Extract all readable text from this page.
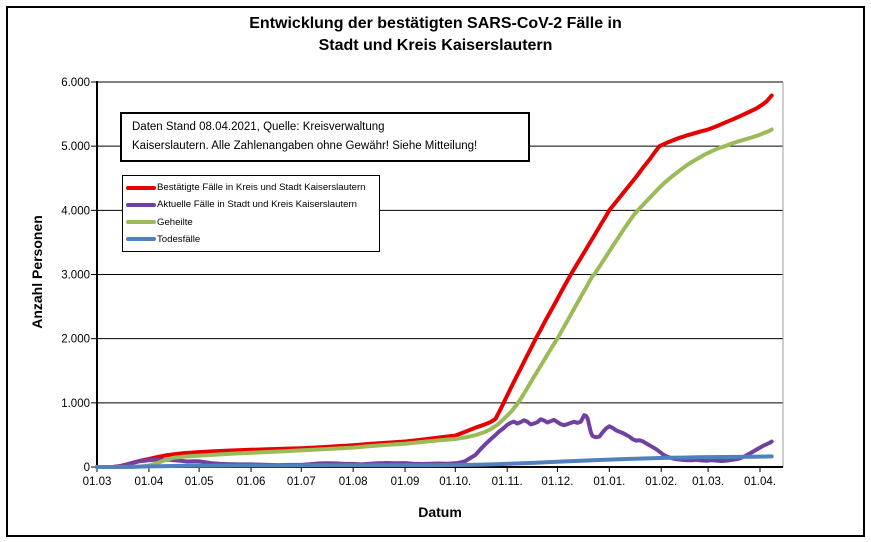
Entwicklung der bestätigten SARS-CoV-2 Fälle in
Stadt und Kreis Kaiserslautern
0
1.000
2.000
3.000
4.000
5.000
6.000
01.03 01.04 01.05 01.06 01.07 01.08 01.09 01.10. 01.11. 01.12. 01.01. 01.02. 01.03. 01.04.
Anzahl Personen
Datum
Daten Stand 08.04.2021, Quelle: Kreisverwaltung
Kaiserslautern. Alle Zahlenangaben ohne Gewähr! Siehe Mitteilung!
Bestätigte Fälle in Kreis und Stadt Kaiserslautern
Aktuelle Fälle in Stadt und Kreis Kaiserslautern
Geheilte
Todesfälle
